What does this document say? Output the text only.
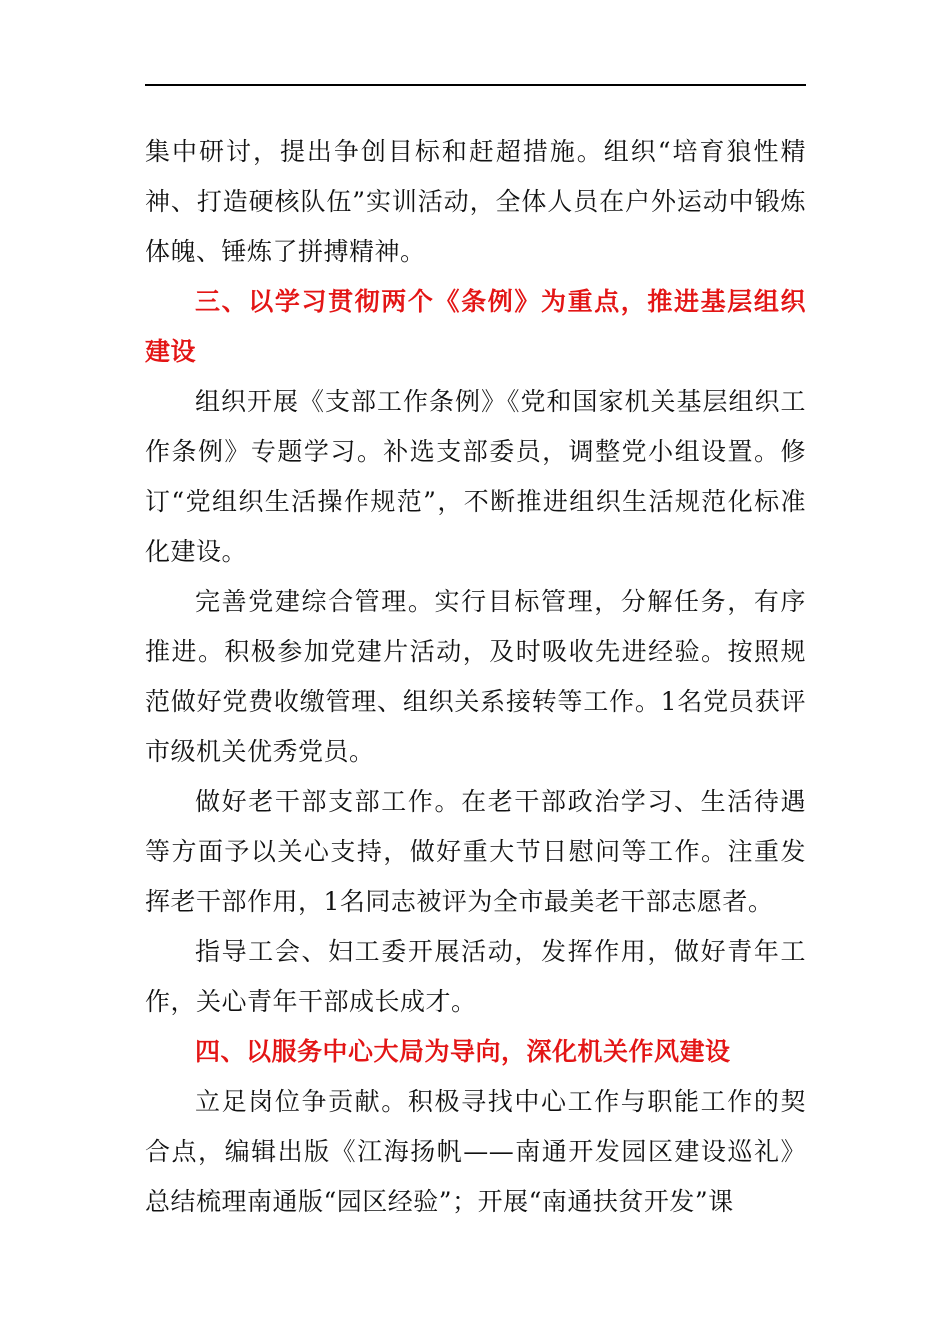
集中研讨，提出争创目标和赶超措施。组织“培育狼性精神、打造硬核队伍”实训活动，全体人员在户外运动中锻炼体魄、锤炼了拼搏精神。

三、以学习贯彻两个《条例》为重点，推进基层组织建设

组织开展《支部工作条例》《党和国家机关基层组织工作条例》专题学习。补选支部委员，调整党小组设置。修订“党组织生活操作规范”，不断推进组织生活规范化标准化建设。

完善党建综合管理。实行目标管理，分解任务，有序推进。积极参加党建片活动，及时吸收先进经验。按照规范做好党费收缴管理、组织关系接转等工作。1名党员获评市级机关优秀党员。

做好老干部支部工作。在老干部政治学习、生活待遇等方面予以关心支持，做好重大节日慰问等工作。注重发挥老干部作用，1名同志被评为全市最美老干部志愿者。

指导工会、妇工委开展活动，发挥作用，做好青年工作，关心青年干部成长成才。

四、以服务中心大局为导向，深化机关作风建设

立足岗位争贡献。积极寻找中心工作与职能工作的契合点，编辑出版《江海扬帆——南通开发园区建设巡礼》总结梳理南通版“园区经验”；开展“南通扶贫开发”课
